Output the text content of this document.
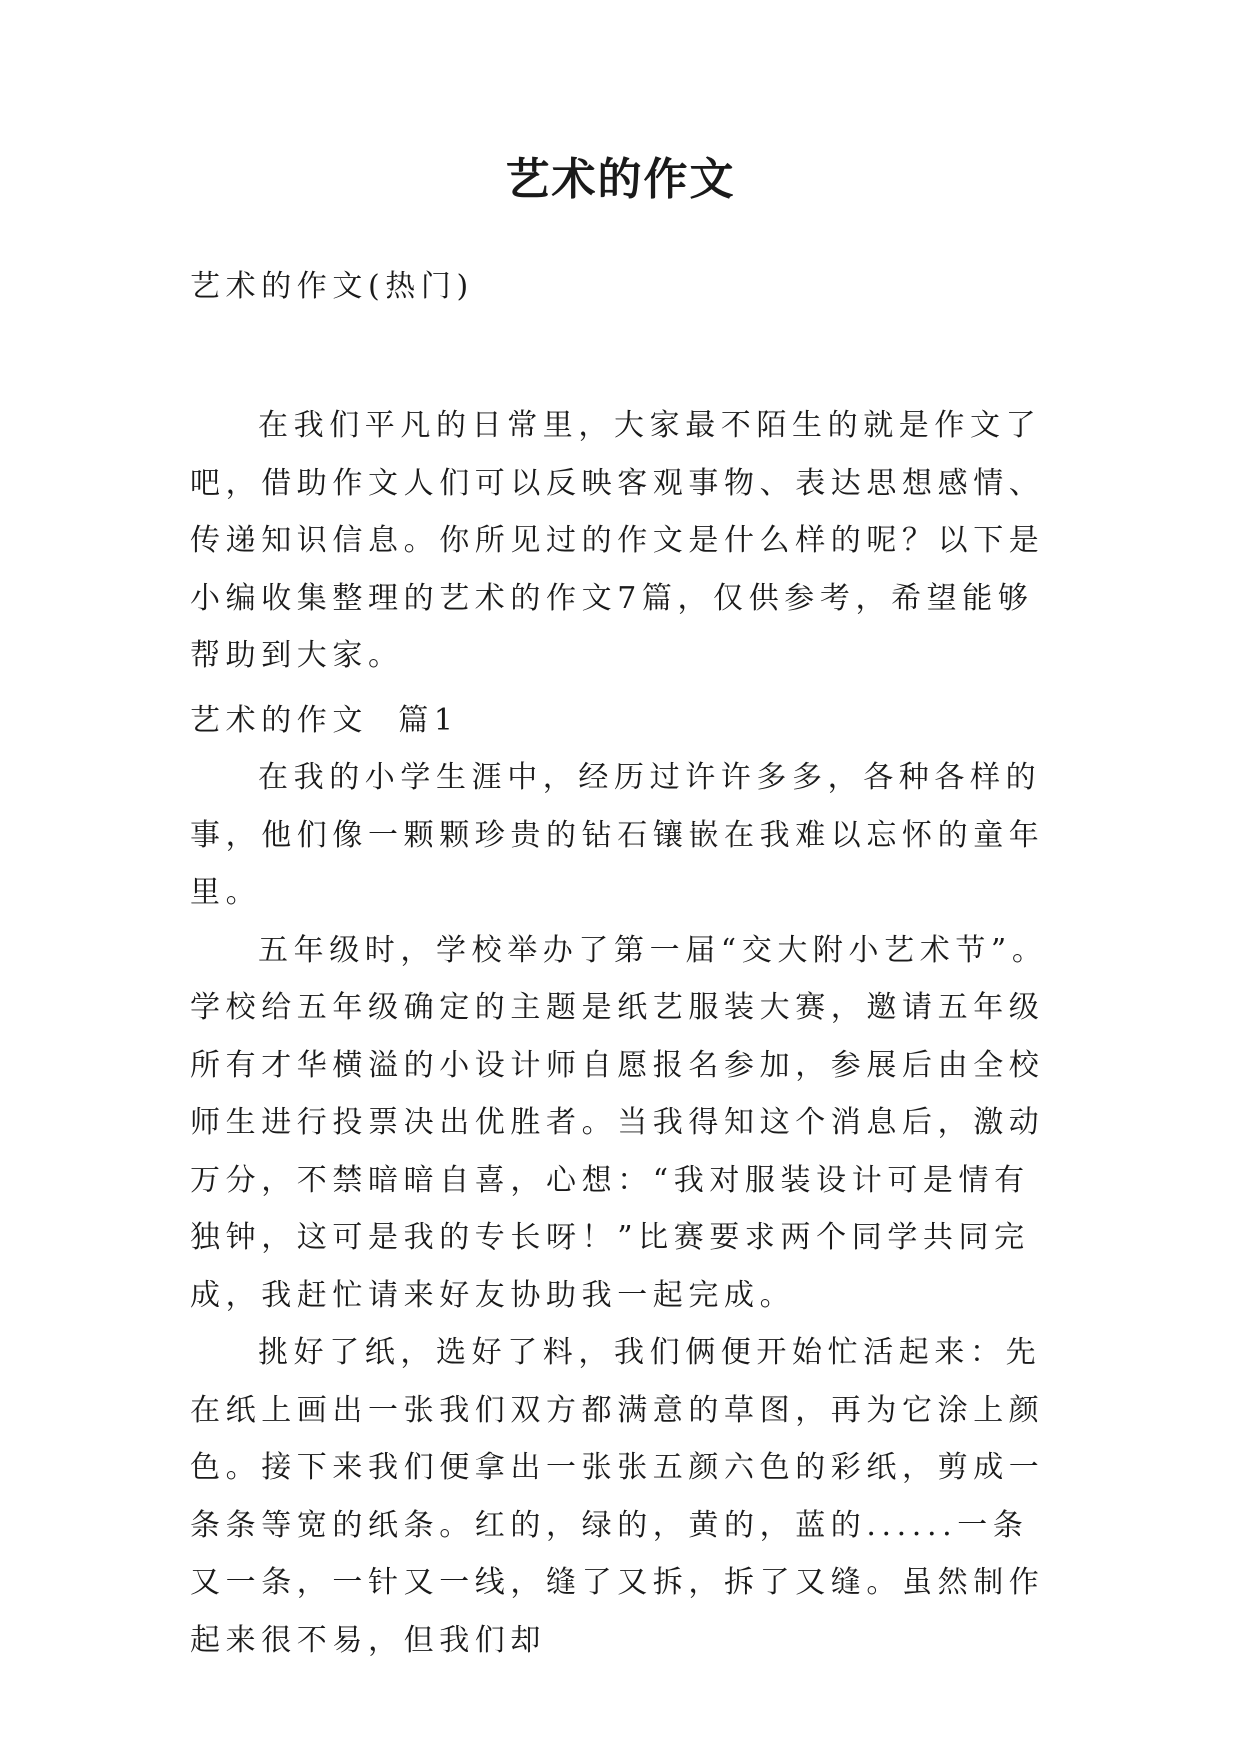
艺术的作文

艺术的作文(热门)

在我们平凡的日常里，大家最不陌生的就是作文了吧，借助作文人们可以反映客观事物、表达思想感情、传递知识信息。你所见过的作文是什么样的呢？以下是小编收集整理的艺术的作文7篇，仅供参考，希望能够帮助到大家。

艺术的作文  篇1

在我的小学生涯中，经历过许许多多，各种各样的事，他们像一颗颗珍贵的钻石镶嵌在我难以忘怀的童年里。

五年级时，学校举办了第一届“交大附小艺术节”。学校给五年级确定的主题是纸艺服装大赛，邀请五年级所有才华横溢的小设计师自愿报名参加，参展后由全校师生进行投票决出优胜者。当我得知这个消息后，激动万分，不禁暗暗自喜，心想：“我对服装设计可是情有独钟，这可是我的专长呀！”比赛要求两个同学共同完成，我赶忙请来好友协助我一起完成。

挑好了纸，选好了料，我们俩便开始忙活起来：先在纸上画出一张我们双方都满意的草图，再为它涂上颜色。接下来我们便拿出一张张五颜六色的彩纸，剪成一条条等宽的纸条。红的，绿的，黄的，蓝的......一条又一条，一针又一线，缝了又拆，拆了又缝。虽然制作起来很不易，但我们却
